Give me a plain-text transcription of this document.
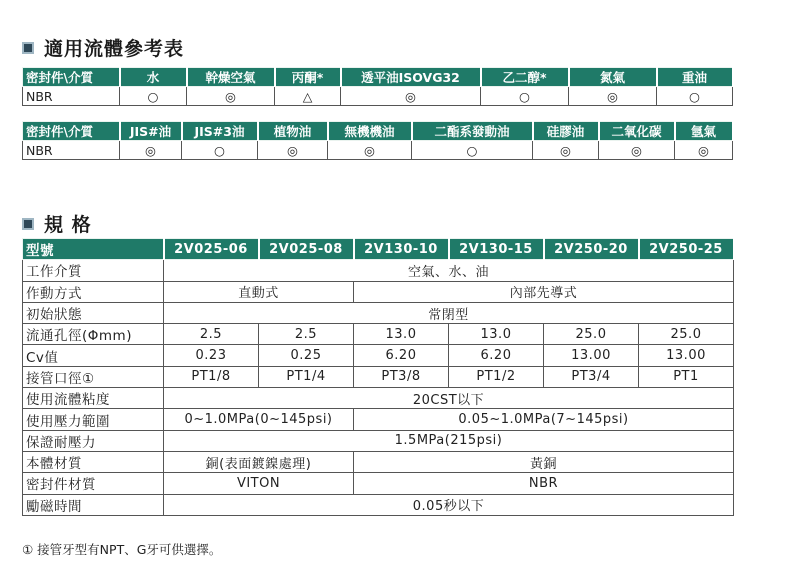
適用流體參考表
密封件\介質	水	幹燥空氣	丙酮*	透平油ISOVG32	乙二醇*	氮氣	重油
NBR	○	◎	△	◎	○	◎	○
密封件\介質	JIS#油	JIS#3油	植物油	無機機油	二酯系發動油	硅膠油	二氧化碳	氬氣
NBR	◎	○	◎	◎	○	◎	◎	◎
規 格
型號	2V025-06	2V025-08	2V130-10	2V130-15	2V250-20	2V250-25
工作介質	空氣、水、油					
作動方式	直動式		內部先導式			
初始狀態	常閉型					
流通孔徑(Φmm)	2.5	2.5	13.0	13.0	25.0	25.0
Cv值	0.23	0.25	6.20	6.20	13.00	13.00
接管口徑①	PT1/8	PT1/4	PT3/8	PT1/2	PT3/4	PT1
使用流體粘度	20CST以下					
使用壓力範圍	0~1.0MPa(0~145psi)		0.05~1.0MPa(7~145psi)			
保證耐壓力	1.5MPa(215psi)					
本體材質	銅(表面鍍鎳處理)		黃銅			
密封件材質	VITON		NBR			
勵磁時間	0.05秒以下					
① 接管牙型有NPT、G牙可供選擇。
